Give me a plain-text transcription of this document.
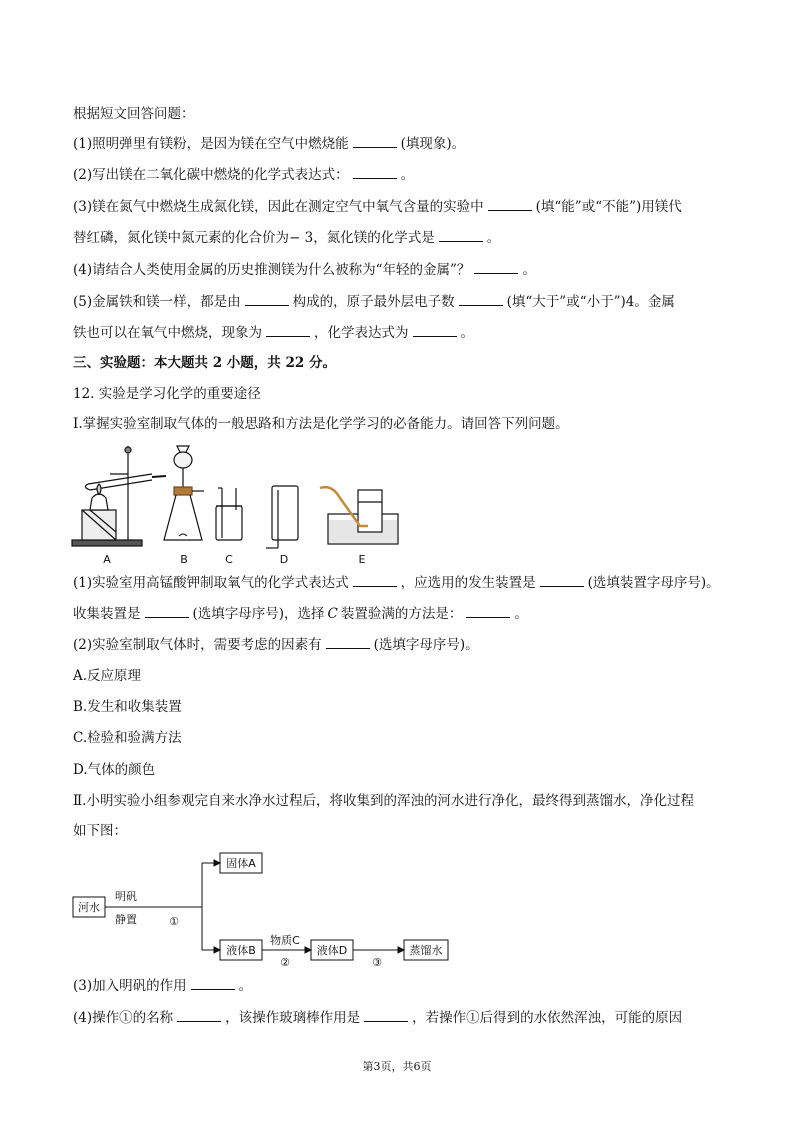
根据短文回答问题：
(1)照明弹里有镁粉，是因为镁在空气中燃烧能	(填现象)。
(2)写出镁在二氧化碳中燃烧的化学式表达式：	。
(3)镁在氮气中燃烧生成氮化镁，因此在测定空气中氧气含量的实验中	(填“能”或“不能”)用镁代
替红磷，氮化镁中氮元素的化合价为− 3，氮化镁的化学式是	。
(4)请结合人类使用金属的历史推测镁为什么被称为“年轻的金属”？	。
(5)金属铁和镁一样，都是由	构成的，原子最外层电子数	(填“大于”或“小于”)4。金属
铁也可以在氧气中燃烧，现象为	，化学表达式为	。
三、实验题：本大题共 2 小题，共 22 分。
12. 实验是学习化学的重要途径
Ⅰ.掌握实验室制取气体的一般思路和方法是化学学习的必备能力。请回答下列问题。
A	B	C	D	E
(1)实验室用高锰酸钾制取氧气的化学式表达式	，应选用的发生装置是	(选填装置字母序号)。
收集装置是	(选填字母序号)，选择 C 装置验满的方法是：	。
(2)实验室制取气体时，需要考虑的因素有	(选填字母序号)。
A.反应原理
B.发生和收集装置
C.检验和验满方法
D.气体的颜色
Ⅱ.小明实验小组参观完自来水净水过程后，将收集到的浑浊的河水进行净化，最终得到蒸馏水，净化过程
如下图：
河水
明矾
静置	①
固体A
液体B
物质C
②
液体D
③
蒸馏水
(3)加入明矾的作用	。
(4)操作①的名称	，该操作玻璃棒作用是	，若操作①后得到的水依然浑浊，可能的原因
第3页，共6页
